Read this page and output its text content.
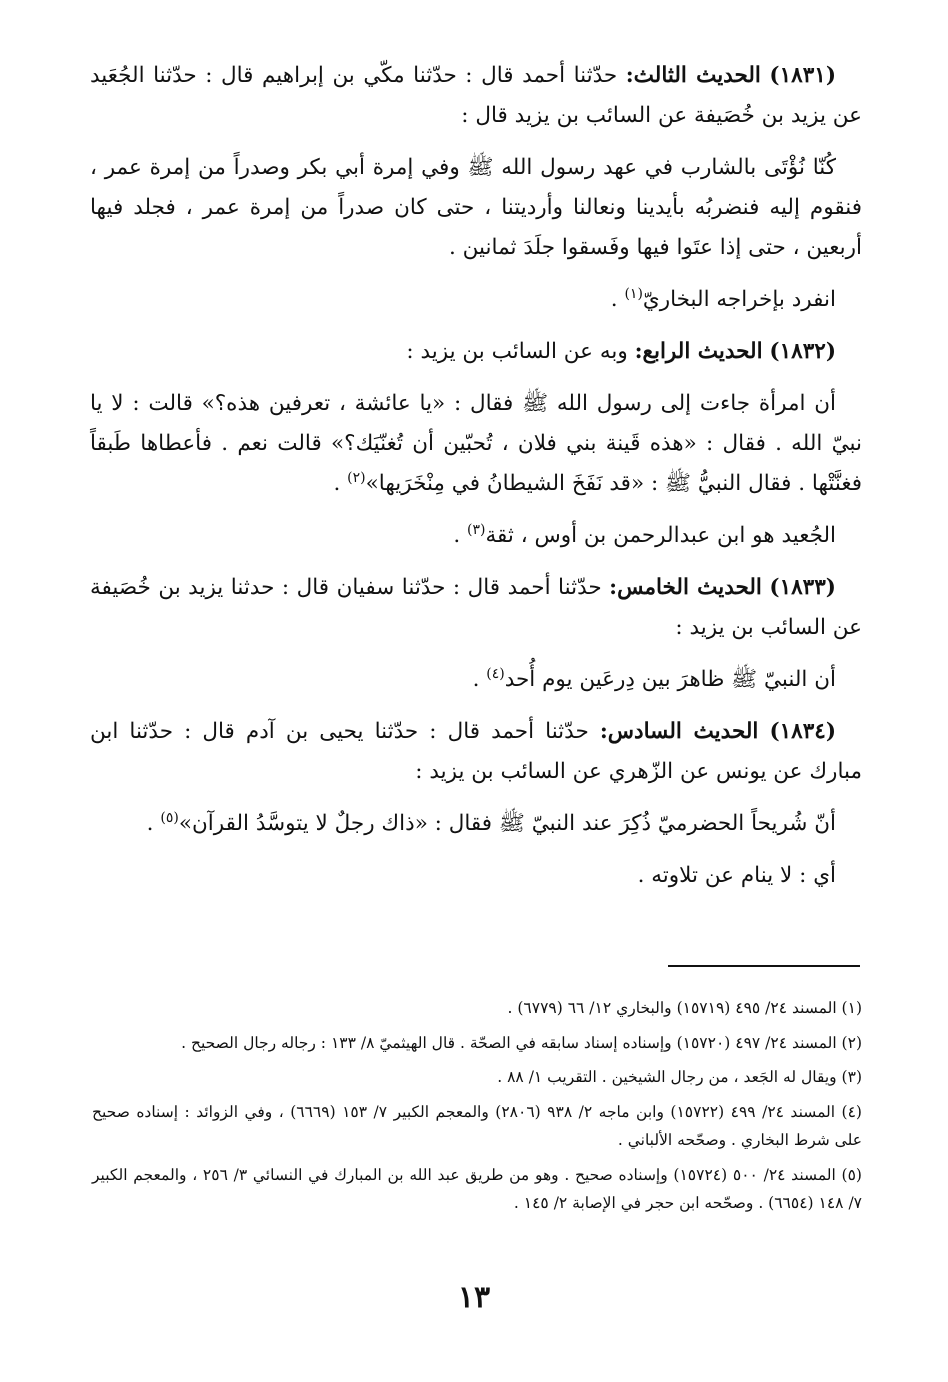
(١٨٣١) الحديث الثالث: حدّثنا أحمد قال : حدّثنا مكّي بن إبراهيم قال : حدّثنا الجُعَيد عن يزيد بن خُصَيفة عن السائب بن يزيد قال :

كُنّا نُؤْتَى بالشارب في عهد رسول الله ﷺ وفي إمرة أبي بكر وصدراً من إمرة عمر ، فنقوم إليه فنضربُه بأيدينا ونعالنا وأرديتنا ، حتى كان صدراً من إمرة عمر ، فجلد فيها أربعين ، حتى إذا عتَوا فيها وفَسقوا جلَدَ ثمانين .

انفرد بإخراجه البخاريّ$^{(١)}$ .

(١٨٣٢) الحديث الرابع: وبه عن السائب بن يزيد :

أن امرأة جاءت إلى رسول الله ﷺ فقال : «يا عائشة ، تعرفين هذه؟» قالت : لا يا نبيّ الله . فقال : «هذه قَينة بني فلان ، تُحبّين أن تُغنّيَك؟» قالت نعم . فأعطاها طَبقاً فغنَّتْها . فقال النبيُّ ﷺ : «قد نَفَخَ الشيطانُ في مِنْخَرَيها»$^{(٢)}$ .

الجُعيد هو ابن عبدالرحمن بن أوس ، ثقة$^{(٣)}$ .

(١٨٣٣) الحديث الخامس: حدّثنا أحمد قال : حدّثنا سفيان قال : حدثنا يزيد بن خُصَيفة عن السائب بن يزيد :

أن النبيّ ﷺ ظاهرَ بين دِرعَين يوم أُحد$^{(٤)}$ .

(١٨٣٤) الحديث السادس: حدّثنا أحمد قال : حدّثنا يحيى بن آدم قال : حدّثنا ابن مبارك عن يونس عن الزّهري عن السائب بن يزيد :

أنّ شُريحاً الحضرميّ ذُكِرَ عند النبيّ ﷺ فقال : «ذاك رجلٌ لا يتوسَّدُ القرآن»$^{(٥)}$ .

أي : لا ينام عن تلاوته .

(١) المسند ٢٤/ ٤٩٥ (١٥٧١٩) والبخاري ١٢/ ٦٦ (٦٧٧٩) .

(٢) المسند ٢٤/ ٤٩٧ (١٥٧٢٠) وإسناده إسناد سابقه في الصحّة . قال الهيثميّ ٨/ ١٣٣ : رجاله رجال الصحيح .

(٣) ويقال له الجَعد ، من رجال الشيخين . التقريب ١/ ٨٨ .

(٤) المسند ٢٤/ ٤٩٩ (١٥٧٢٢) وابن ماجه ٢/ ٩٣٨ (٢٨٠٦) والمعجم الكبير ٧/ ١٥٣ (٦٦٦٩) ، وفي الزوائد : إسناده صحيح على شرط البخاري . وصحّحه الألباني .

(٥) المسند ٢٤/ ٥٠٠ (١٥٧٢٤) وإسناده صحيح . وهو من طريق عبد الله بن المبارك في النسائي ٣/ ٢٥٦ ، والمعجم الكبير ٧/ ١٤٨ (٦٦٥٤) . وصحّحه ابن حجر في الإصابة ٢/ ١٤٥ .

١٣
